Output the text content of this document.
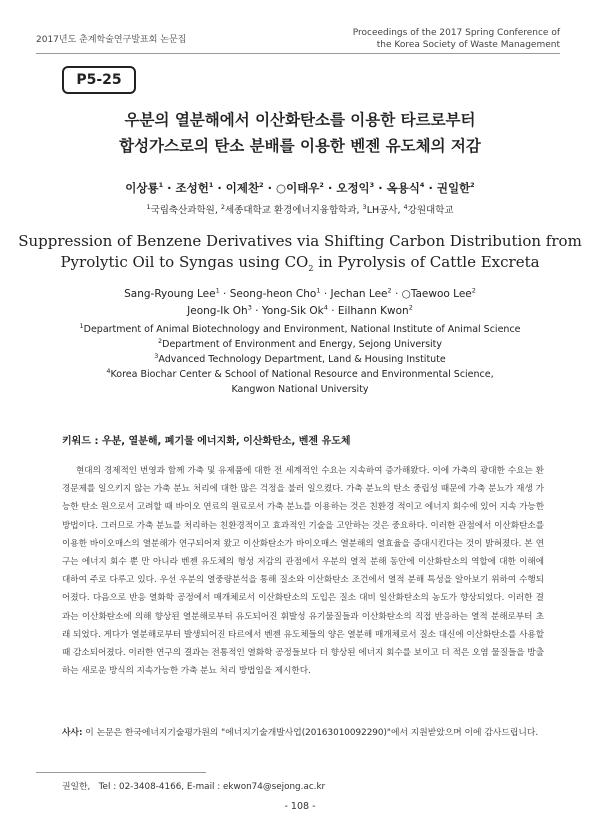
2017년도 춘계학술연구발표회 논문집
Proceedings of the 2017 Spring Conference of
the Korea Society of Waste Management
P5-25
우분의 열분해에서 이산화탄소를 이용한 타르로부터
합성가스로의 탄소 분배를 이용한 벤젠 유도체의 저감
이상룡$^1$ · 조성헌$^1$ · 이제찬$^2$ · ○이태우$^2$ · 오정익$^3$ · 옥용식$^4$ · 권일한$^2$
$^1$국립축산과학원, $^2$세종대학교 환경에너지융합학과, $^3$LH공사, $^4$강원대학교
Suppression of Benzene Derivatives via Shifting Carbon Distribution from
Pyrolytic Oil to Syngas using $CO_2$ in Pyrolysis of Cattle Excreta
Sang-Ryoung Lee$^1$ · Seong-heon Cho$^1$ · Jechan Lee$^2$ · ○Taewoo Lee$^2$
Jeong-Ik $Oh^3$ · Yong-Sik $Ok^4$ · Eilhann Kwon$^2$
$^1$Department of Animal Biotechnology and Environment, National Institute of Animal Science
$^2$Department of Environment and Energy, Sejong University
$^3$Advanced Technology Department, Land & Housing Institute
$^4$Korea Biochar Center & School of National Resource and Environmental Science,
Kangwon National University
키워드 : 우분, 열분해, 폐기물 에너지화, 이산화탄소, 벤젠 유도체
현대의 경제적인 번영과 함께 가축 및 유제품에 대한 전 세계적인 수요는 지속하여 증가해왔다. 이에 가축의 광대한 수요는 환경문제를 일으키지 않는 가축 분뇨 처리에 대한 많은 걱정을 불러 일으켰다. 가축 분뇨의 탄소 중립성 때문에 가축 분뇨가 재생 가능한 탄소 원으로서 고려할 때 바이오 연료의 원료로서 가축 분뇨를 이용하는 것은 친환경 적이고 에너지 회수에 있어 지속 가능한 방법이다. 그러므로 가축 분뇨를 처리하는 친환경적이고 효과적인 기술을 고안하는 것은 중요하다. 이러한 관점에서 이산화탄소를 이용한 바이오매스의 열분해가 연구되어져 왔고 이산화탄소가 바이오매스 열분해의 열효율을 증대시킨다는 것이 밝혀졌다. 본 연구는 에너지 회수 뿐 만 아니라 벤젠 유도체의 형성 저감의 관점에서 우분의 열적 분해 동안에 이산화탄소의 역할에 대한 이해에 대하여 주로 다루고 있다. 우선 우분의 열중량분석을 통해 질소와 이산화탄소 조건에서 열적 분해 특성을 알아보기 위하여 수행되어졌다. 다음으로 반응 열화학 공정에서 매개체로서 이산화탄소의 도입은 질소 대비 일산화탄소의 농도가 향상되었다. 이러한 결과는 이산화탄소에 의해 향상된 열분해로부터 유도되어진 휘발성 유기물질들과 이산화탄소의 직접 반응하는 열적 분해로부터 초래 되었다. 게다가 열분해로부터 발생되어진 타르에서 벤젠 유도체들의 양은 열분해 매개체로서 질소 대신에 이산화탄소를 사용할 때 감소되어졌다. 이러한 연구의 결과는 전통적인 열화학 공정들보다 더 향상된 에너지 회수를 보이고 더 적은 오염 물질들을 방출하는 새로운 방식의 지속가능한 가축 분뇨 처리 방법임을 제시한다.
사사: 이 논문은 한국에너지기술평가원의 "에너지기술개발사업(20163010092290)"에서 지원받았으며 이에 감사드립니다.
권일한,   Tel : 02-3408-4166, E-mail : ekwon74@sejong.ac.kr
- 108 -
